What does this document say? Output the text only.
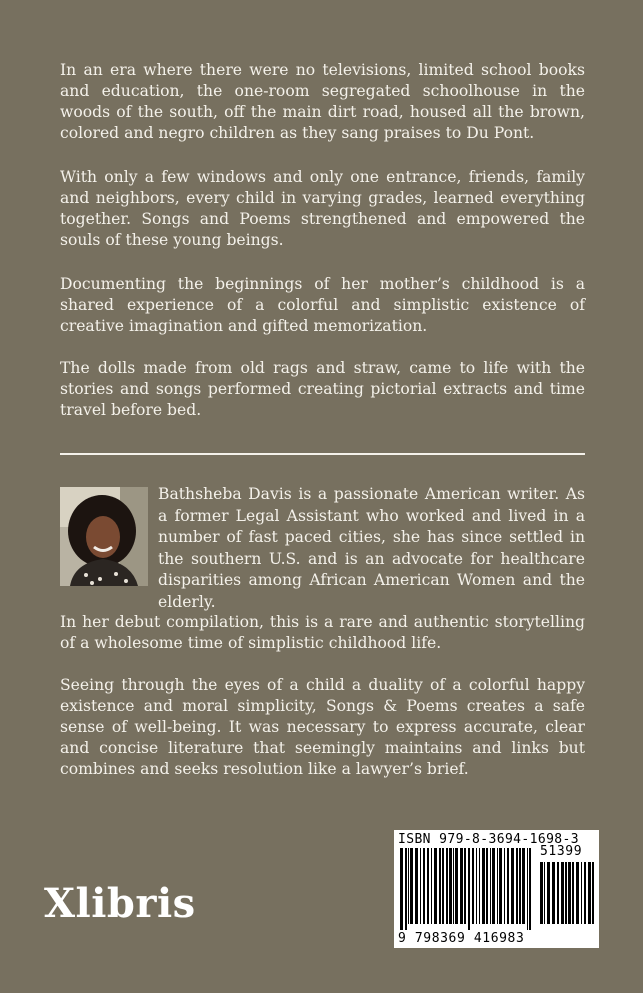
In an era where there were no televisions, limited school books and education, the one-room segregated schoolhouse in the woods of the south, off the main dirt road, housed all the brown, colored and negro children as they sang praises to Du Pont.

With only a few windows and only one entrance, friends, family and neighbors, every child in varying grades, learned everything together. Songs and Poems strengthened and empowered the souls of these young beings.

Documenting the beginnings of her mother’s childhood is a shared experience of a colorful and simplistic existence of creative imagination and gifted memorization.

The dolls made from old rags and straw, came to life with the stories and songs performed creating pictorial extracts and time travel before bed.

Bathsheba Davis is a passionate American writer. As a former Legal Assistant who worked and lived in a number of fast paced cities, she has since settled in the southern U.S. and is an advocate for healthcare disparities among African American Women and the elderly.

In her debut compilation, this is a rare and authentic storytelling of a wholesome time of simplistic childhood life.

Seeing through the eyes of a child a duality of a colorful happy existence and moral simplicity, Songs & Poems creates a safe sense of well-being. It was necessary to express accurate, clear and concise literature that seemingly maintains and links but combines and seeks resolution like a lawyer’s brief.

Xlibris
ISBN 979-8-3694-1698-3
51399
9 798369 416983
